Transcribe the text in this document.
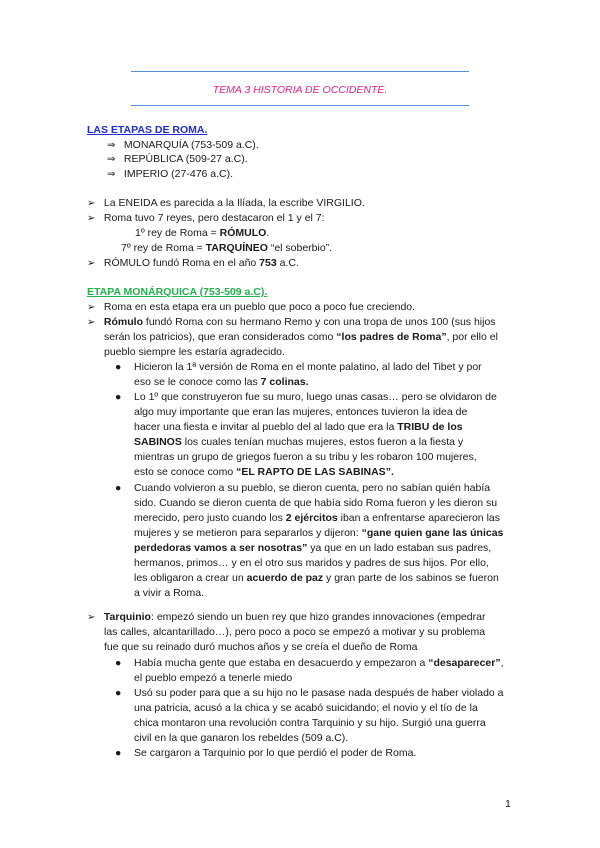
TEMA 3 HISTORIA DE OCCIDENTE.
LAS ETAPAS DE ROMA.
⇒ MONARQUÍA (753-509 a.C).
⇒ REPÚBLICA (509-27 a.C).
⇒ IMPERIO (27-476 a.C).
➢ La ENEIDA es parecida a la Ilíada, la escribe VIRGILIO.
➢ Roma tuvo 7 reyes, pero destacaron el 1 y el 7:
1º rey de Roma = RÓMULO.
7º rey de Roma = TARQUÍNEO “el soberbio”.
➢ RÓMULO fundó Roma en el año 753 a.C.
ETAPA MONÁRQUICA (753-509 a.C).
➢ Roma en esta etapa era un pueblo que poco a poco fue creciendo.
➢ Rómulo fundó Roma con su hermano Remo y con una tropa de unos 100 (sus hijos
serán los patricios), que eran considerados como “los padres de Roma”, por ello el
pueblo siempre les estaría agradecido.
● Hicieron la 1ª versión de Roma en el monte palatino, al lado del Tibet y por
eso se le conoce como las 7 colinas.
● Lo 1º que construyeron fue su muro, luego unas casas… pero se olvidaron de
algo muy importante que eran las mujeres, entonces tuvieron la idea de
hacer una fiesta e invitar al pueblo del al lado que era la TRIBU de los
SABINOS los cuales tenían muchas mujeres, estos fueron a la fiesta y
mientras un grupo de griegos fueron a su tribu y les robaron 100 mujeres,
esto se conoce como “EL RAPTO DE LAS SABINAS”.
● Cuando volvieron a su pueblo, se dieron cuenta, pero no sabían quién había
sido. Cuando se dieron cuenta de que había sido Roma fueron y les dieron su
merecido, pero justo cuando los 2 ejércitos iban a enfrentarse aparecieron las
mujeres y se metieron para separarlos y dijeron: “gane quien gane las únicas
perdedoras vamos a ser nosotras” ya que en un lado estaban sus padres,
hermanos, primos… y en el otro sus maridos y padres de sus hijos. Por ello,
les obligaron a crear un acuerdo de paz y gran parte de los sabinos se fueron
a vivir a Roma.
➢ Tarquinio: empezó siendo un buen rey que hizo grandes innovaciones (empedrar
las calles, alcantarillado…), pero poco a poco se empezó a motivar y su problema
fue que su reinado duró muchos años y se creía el dueño de Roma
● Había mucha gente que estaba en desacuerdo y empezaron a “desaparecer”,
el pueblo empezó a tenerle miedo
● Usó su poder para que a su hijo no le pasase nada después de haber violado a
una patricia, acusó a la chica y se acabó suicidando; el novio y el tío de la
chica montaron una revolución contra Tarquinio y su hijo. Surgió una guerra
civil en la que ganaron los rebeldes (509 a.C).
● Se cargaron a Tarquinio por lo que perdió el poder de Roma.
1
